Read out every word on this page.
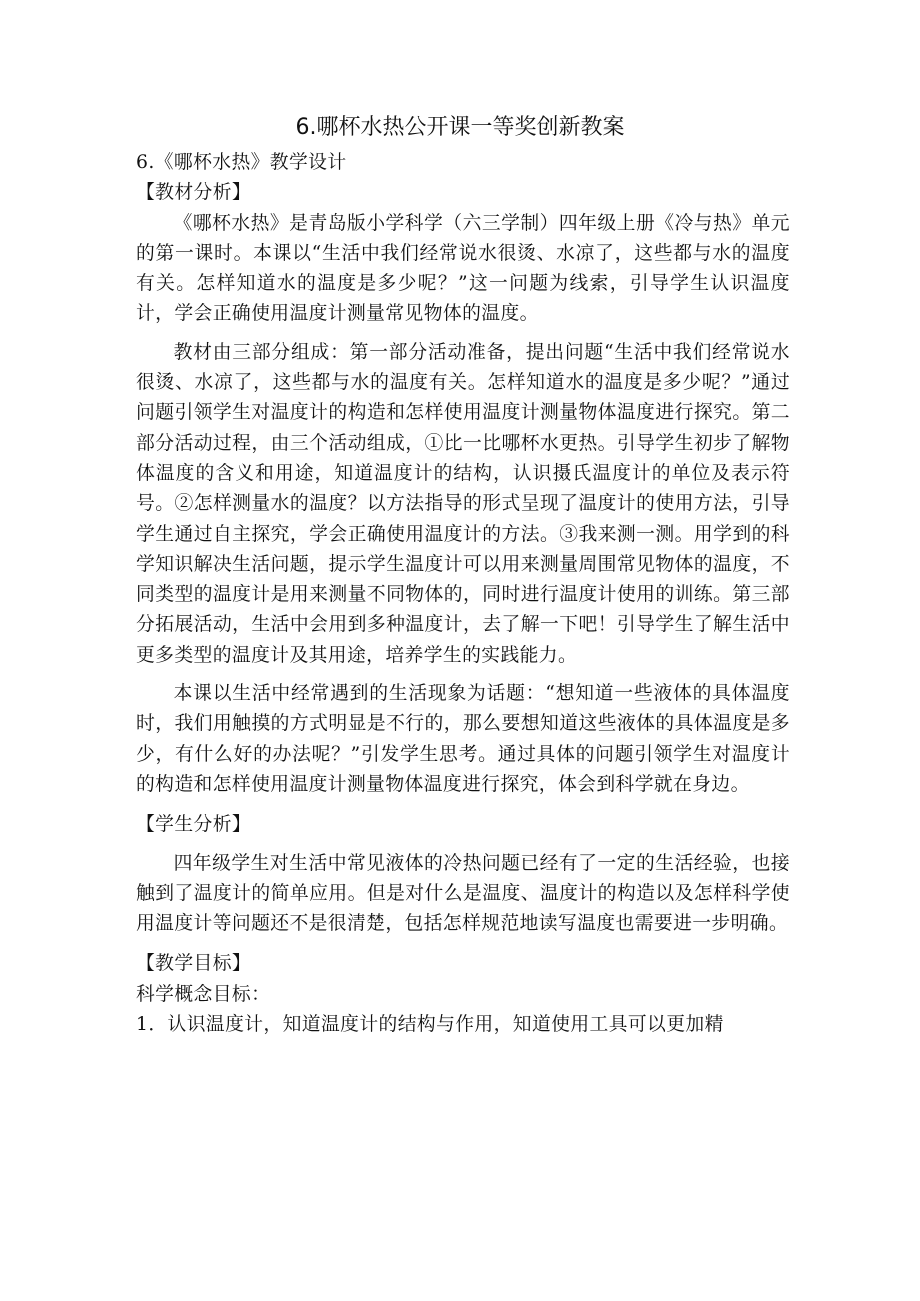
6.哪杯水热公开课一等奖创新教案

6.《哪杯水热》教学设计

【教材分析】

《哪杯水热》是青岛版小学科学（六三学制）四年级上册《冷与热》单元的第一课时。本课以“生活中我们经常说水很烫、水凉了，这些都与水的温度有关。怎样知道水的温度是多少呢？”这一问题为线索，引导学生认识温度计，学会正确使用温度计测量常见物体的温度。

教材由三部分组成：第一部分活动准备，提出问题“生活中我们经常说水很烫、水凉了，这些都与水的温度有关。怎样知道水的温度是多少呢？”通过问题引领学生对温度计的构造和怎样使用温度计测量物体温度进行探究。第二部分活动过程，由三个活动组成，①比一比哪杯水更热。引导学生初步了解物体温度的含义和用途，知道温度计的结构，认识摄氏温度计的单位及表示符号。②怎样测量水的温度？以方法指导的形式呈现了温度计的使用方法，引导学生通过自主探究，学会正确使用温度计的方法。③我来测一测。用学到的科学知识解决生活问题，提示学生温度计可以用来测量周围常见物体的温度，不同类型的温度计是用来测量不同物体的，同时进行温度计使用的训练。第三部分拓展活动，生活中会用到多种温度计，去了解一下吧！引导学生了解生活中更多类型的温度计及其用途，培养学生的实践能力。

本课以生活中经常遇到的生活现象为话题：“想知道一些液体的具体温度时，我们用触摸的方式明显是不行的，那么要想知道这些液体的具体温度是多少，有什么好的办法呢？”引发学生思考。通过具体的问题引领学生对温度计的构造和怎样使用温度计测量物体温度进行探究，体会到科学就在身边。

【学生分析】

四年级学生对生活中常见液体的冷热问题已经有了一定的生活经验，也接触到了温度计的简单应用。但是对什么是温度、温度计的构造以及怎样科学使用温度计等问题还不是很清楚，包括怎样规范地读写温度也需要进一步明确。

【教学目标】

科学概念目标：

1．认识温度计，知道温度计的结构与作用，知道使用工具可以更加精
